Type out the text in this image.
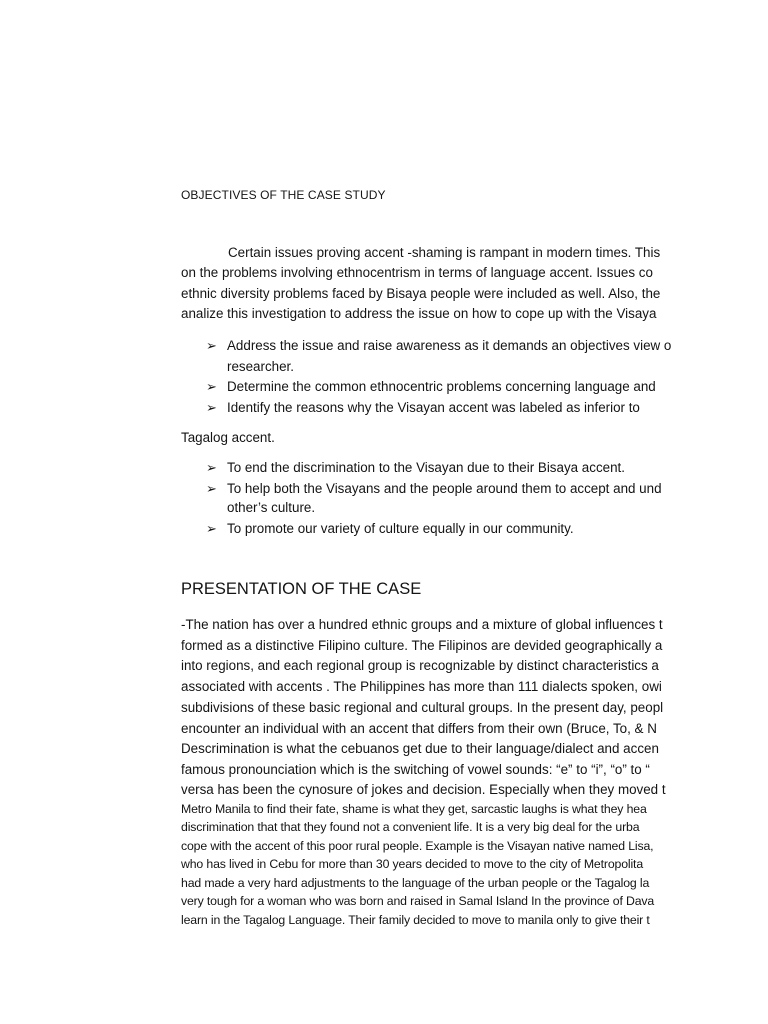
OBJECTIVES OF THE CASE STUDY
Certain issues proving accent -shaming is rampant in modern times. This
on the problems involving ethnocentrism in terms of language accent. Issues co
ethnic diversity problems faced by Bisaya people were included as well. Also, the
analize this investigation to address the issue on how to cope up with the Visaya
➢ Address the issue and raise awareness as it demands an objectives view o
researcher.
➢ Determine the common ethnocentric problems concerning language and
➢ Identify the reasons why the Visayan accent was labeled as inferior to
Tagalog accent.
➢ To end the discrimination to the Visayan due to their Bisaya accent.
➢ To help both the Visayans and the people around them to accept and und
other’s culture.
➢ To promote our variety of culture equally in our community.
PRESENTATION OF THE CASE
-The nation has over a hundred ethnic groups and a mixture of global influences t
formed as a distinctive Filipino culture. The Filipinos are devided geographically a
into regions, and each regional group is recognizable by distinct characteristics a
associated with accents . The Philippines has more than 111 dialects spoken, owi
subdivisions of these basic regional and cultural groups. In the present day, peopl
encounter an individual with an accent that differs from their own (Bruce, To, & N
Descrimination is what the cebuanos get due to their language/dialect and accen
famous pronounciation which is the switching of vowel sounds: “e” to “i”, “o” to “
versa has been the cynosure of jokes and decision. Especially when they moved t
Metro Manila to find their fate, shame is what they get, sarcastic laughs is what they hea
discrimination that that they found not a convenient life. It is a very big deal for the urba
cope with the accent of this poor rural people. Example is the Visayan native named Lisa,
who has lived in Cebu for more than 30 years decided to move to the city of Metropolita
had made a very hard adjustments to the language of the urban people or the Tagalog la
very tough for a woman who was born and raised in Samal Island In the province of Dava
learn in the Tagalog Language. Their family decided to move to manila only to give their t
